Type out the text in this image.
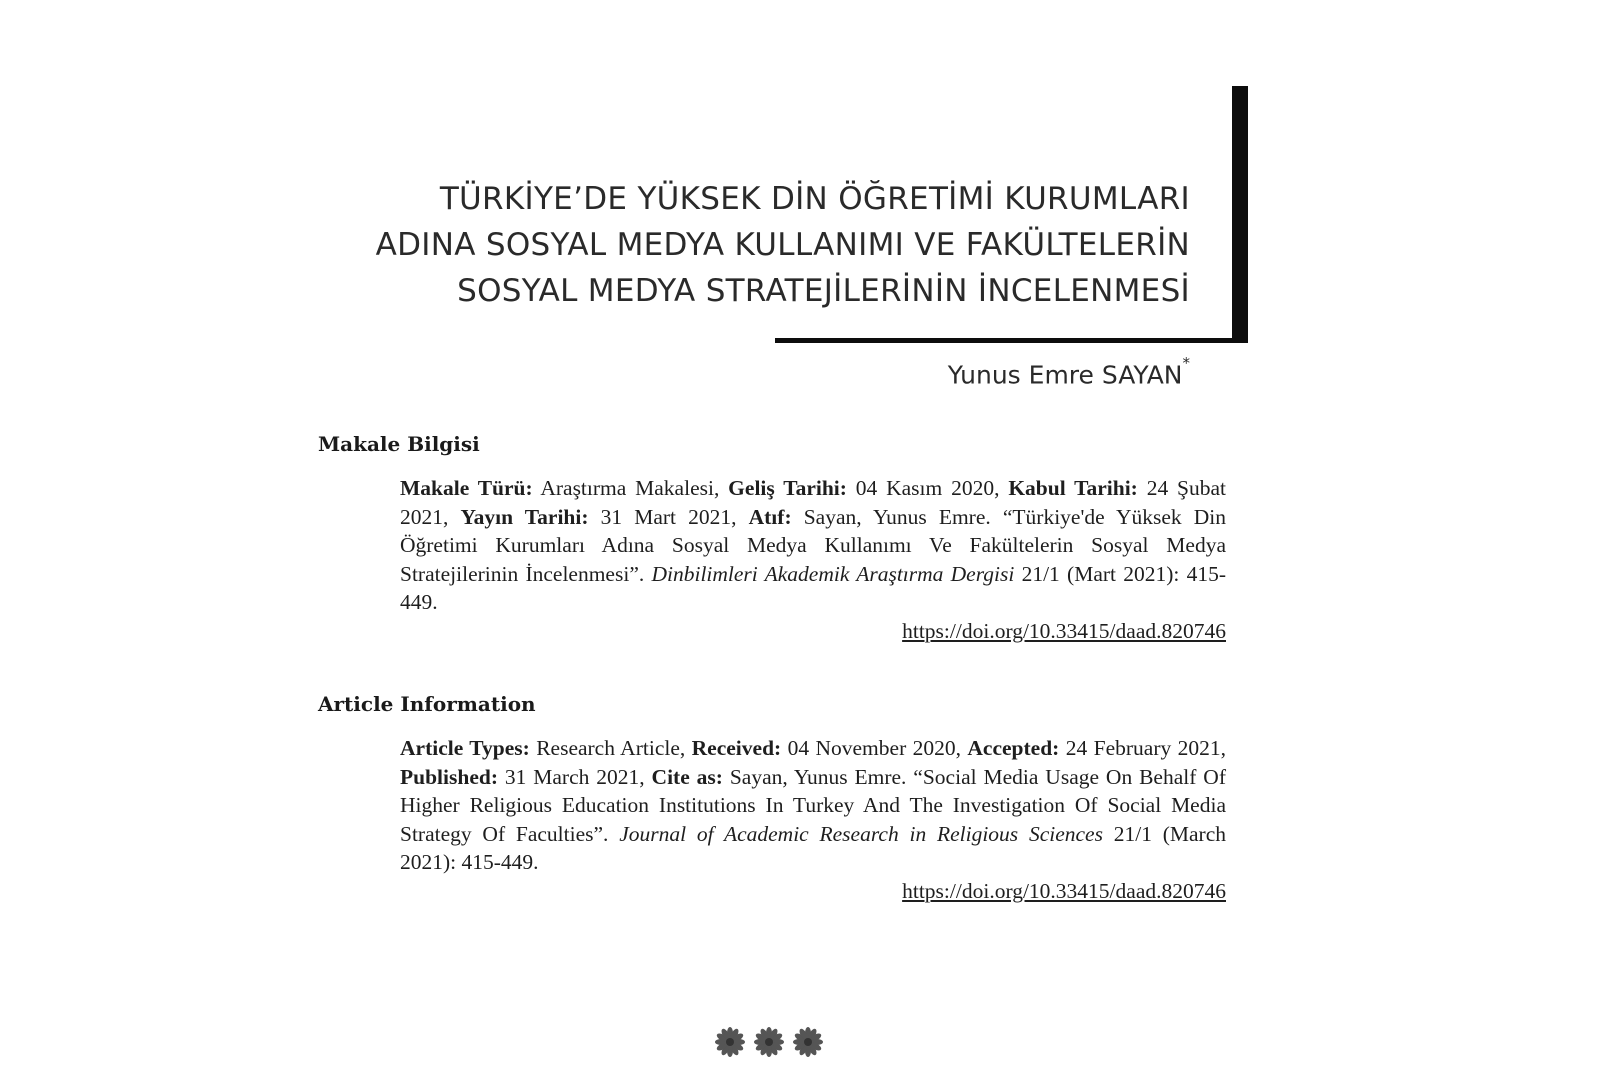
TÜRKİYE’DE YÜKSEK DİN ÖĞRETİMİ KURUMLARI
ADINA SOSYAL MEDYA KULLANIMI VE FAKÜLTELERİN
SOSYAL MEDYA STRATEJİLERİNİN İNCELENMESİ
Yunus Emre SAYAN*
Makale Bilgisi
Makale Türü: Araştırma Makalesi, Geliş Tarihi: 04 Kasım 2020, Kabul Tarihi: 24 Şubat 2021, Yayın Tarihi: 31 Mart 2021, Atıf: Sayan, Yunus Emre. “Türkiye'de Yüksek Din Öğretimi Kurumları Adına Sosyal Medya Kullanımı Ve Fakültelerin Sosyal Medya Stratejilerinin İncelenmesi”. Dinbilimleri Akademik Araştırma Dergisi 21/1 (Mart 2021): 415-449.
https://doi.org/10.33415/daad.820746
Article Information
Article Types: Research Article, Received: 04 November 2020, Accepted: 24 February 2021, Published: 31 March 2021, Cite as: Sayan, Yunus Emre. “Social Media Usage On Behalf Of Higher Religious Education Institutions In Turkey And The Investigation Of Social Media Strategy Of Faculties”. Journal of Academic Research in Religious Sciences 21/1 (March 2021): 415-449.
https://doi.org/10.33415/daad.820746
